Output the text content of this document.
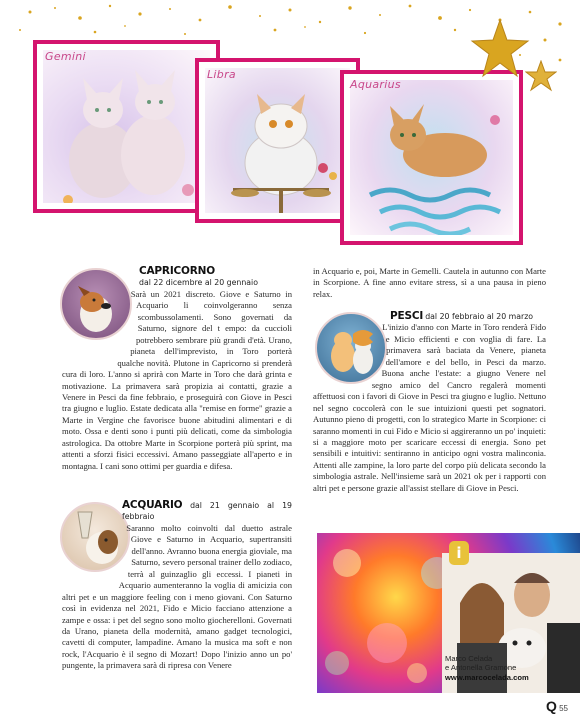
Gemini
Libra
Aquarius
CAPRICORNO
dal 22 dicembre al 20 gennaio

Sarà un 2021 discreto. Giove e Saturno in Acquario li coinvolgeranno senza scombussolamenti. Sono governati da Saturno, signore del t empo: da cuccioli potrebbero sembrare più grandi d'età. Urano, pianeta dell'imprevisto, in Toro porterà qualche novità. Plutone in Capricorno si prenderà cura di loro. L'anno si aprirà con Marte in Toro che darà grinta e motivazione. La primavera sarà propizia ai contatti, grazie a Venere in Pesci da fine febbraio, e proseguirà con Giove in Pesci tra giugno e luglio. Estate dedicata alla "remise en forme" grazie a Marte in Vergine che favorisce buone abitudini alimentari e di moto. Ossa e denti sono i punti più delicati, come da simbologia astrologica. Da ottobre Marte in Scorpione porterà più sprint, ma attenti a sforzi fisici eccessivi. Amano passeggiate all'aperto e in montagna. I cani sono ottimi per guardia e difesa.

ACQUARIO dal 21 gennaio al 19 febbraio

Saranno molto coinvolti dal duetto astrale Giove e Saturno in Acquario, supertransiti dell'anno. Avranno buona energia gioviale, ma Saturno, severo personal trainer dello zodiaco, terrà al guinzaglio gli eccessi. I pianeti in Acquario aumenteranno la voglia di amicizia con altri pet e un maggiore feeling con i meno giovani. Con Saturno così in evidenza nel 2021, Fido e Micio facciano attenzione a zampe e ossa: i pet del segno sono molto giocherelloni. Governati da Urano, pianeta della modernità, amano gadget tecnologici, cavetti di computer, lampadine. Amano la musica ma soft e non rock, l'Acquario è il segno di Mozart! Dopo l'inizio anno un po' pungente, la primavera sarà di ripresa con Venere

in Acquario e, poi, Marte in Gemelli. Cautela in autunno con Marte in Scorpione. A fine anno evitare stress, sì a una pausa in pieno relax.

PESCI dal 20 febbraio al 20 marzo

L'inizio d'anno con Marte in Toro renderà Fido e Micio efficienti e con voglia di fare. La primavera sarà baciata da Venere, pianeta dell'amore e del bello, in Pesci da marzo. Buona anche l'estate: a giugno Venere nel segno amico del Cancro regalerà momenti affettuosi con i favori di Giove in Pesci tra giugno e luglio. Nettuno nel segno coccolerà con le sue intuizioni questi pet sognatori. Autunno pieno di progetti, con lo strategico Marte in Scorpione: ci saranno momenti in cui Fido e Micio si aggireranno un po' inquieti: si a maggiore moto per scaricare eccessi di energia. Sono pet sensibili e intuitivi: sentiranno in anticipo ogni vostra malinconia. Attenti alle zampine, la loro parte del corpo più delicata secondo la simbologia astrale. Nell'insieme sarà un 2021 ok per i rapporti con altri pet e persone grazie all'assist stellare di Giove in Pesci.

i
Marco Celada
e Antonella Gramone
www.marcocelada.com
Q 55
